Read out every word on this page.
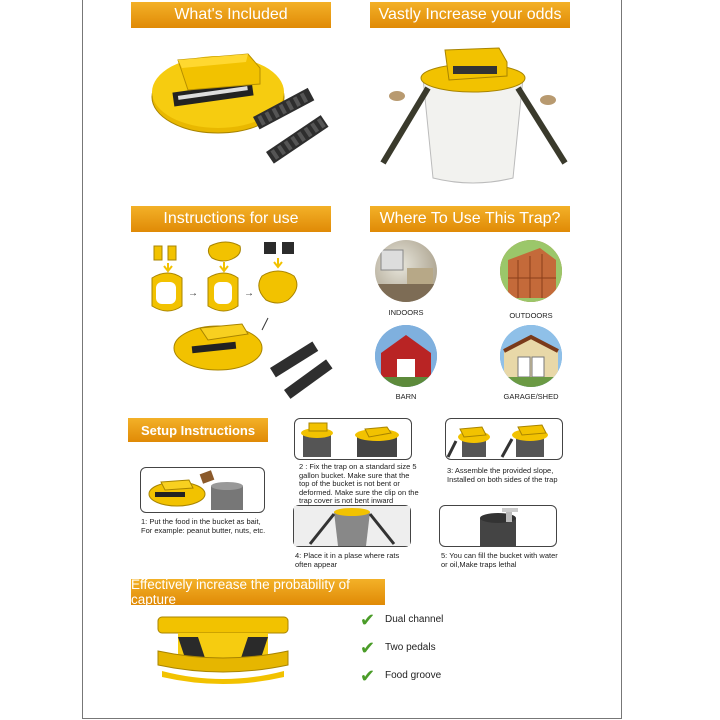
What's Included	Vastly Increase your odds
Instructions for use
→	→
Where To Use This Trap?
INDOORS	OUTDOORS
BARN	GARAGE/SHED
Setup Instructions
2 : Fix the trap on a standard size 5 gallon bucket. Make sure that the top of the bucket is not bent or deformed. Make sure the clip on the trap cover is not bent inward
3: Assemble the provided slope, Installed on both sides of the trap
1: Put the food in the bucket as bait, For example: peanut butter, nuts, etc.
4: Place it in a plase where rats often appear
5: You can fill the bucket with water or oil,Make traps lethal
Effectively increase the probability of capture
✔ Dual channel
✔ Two pedals
✔ Food groove
